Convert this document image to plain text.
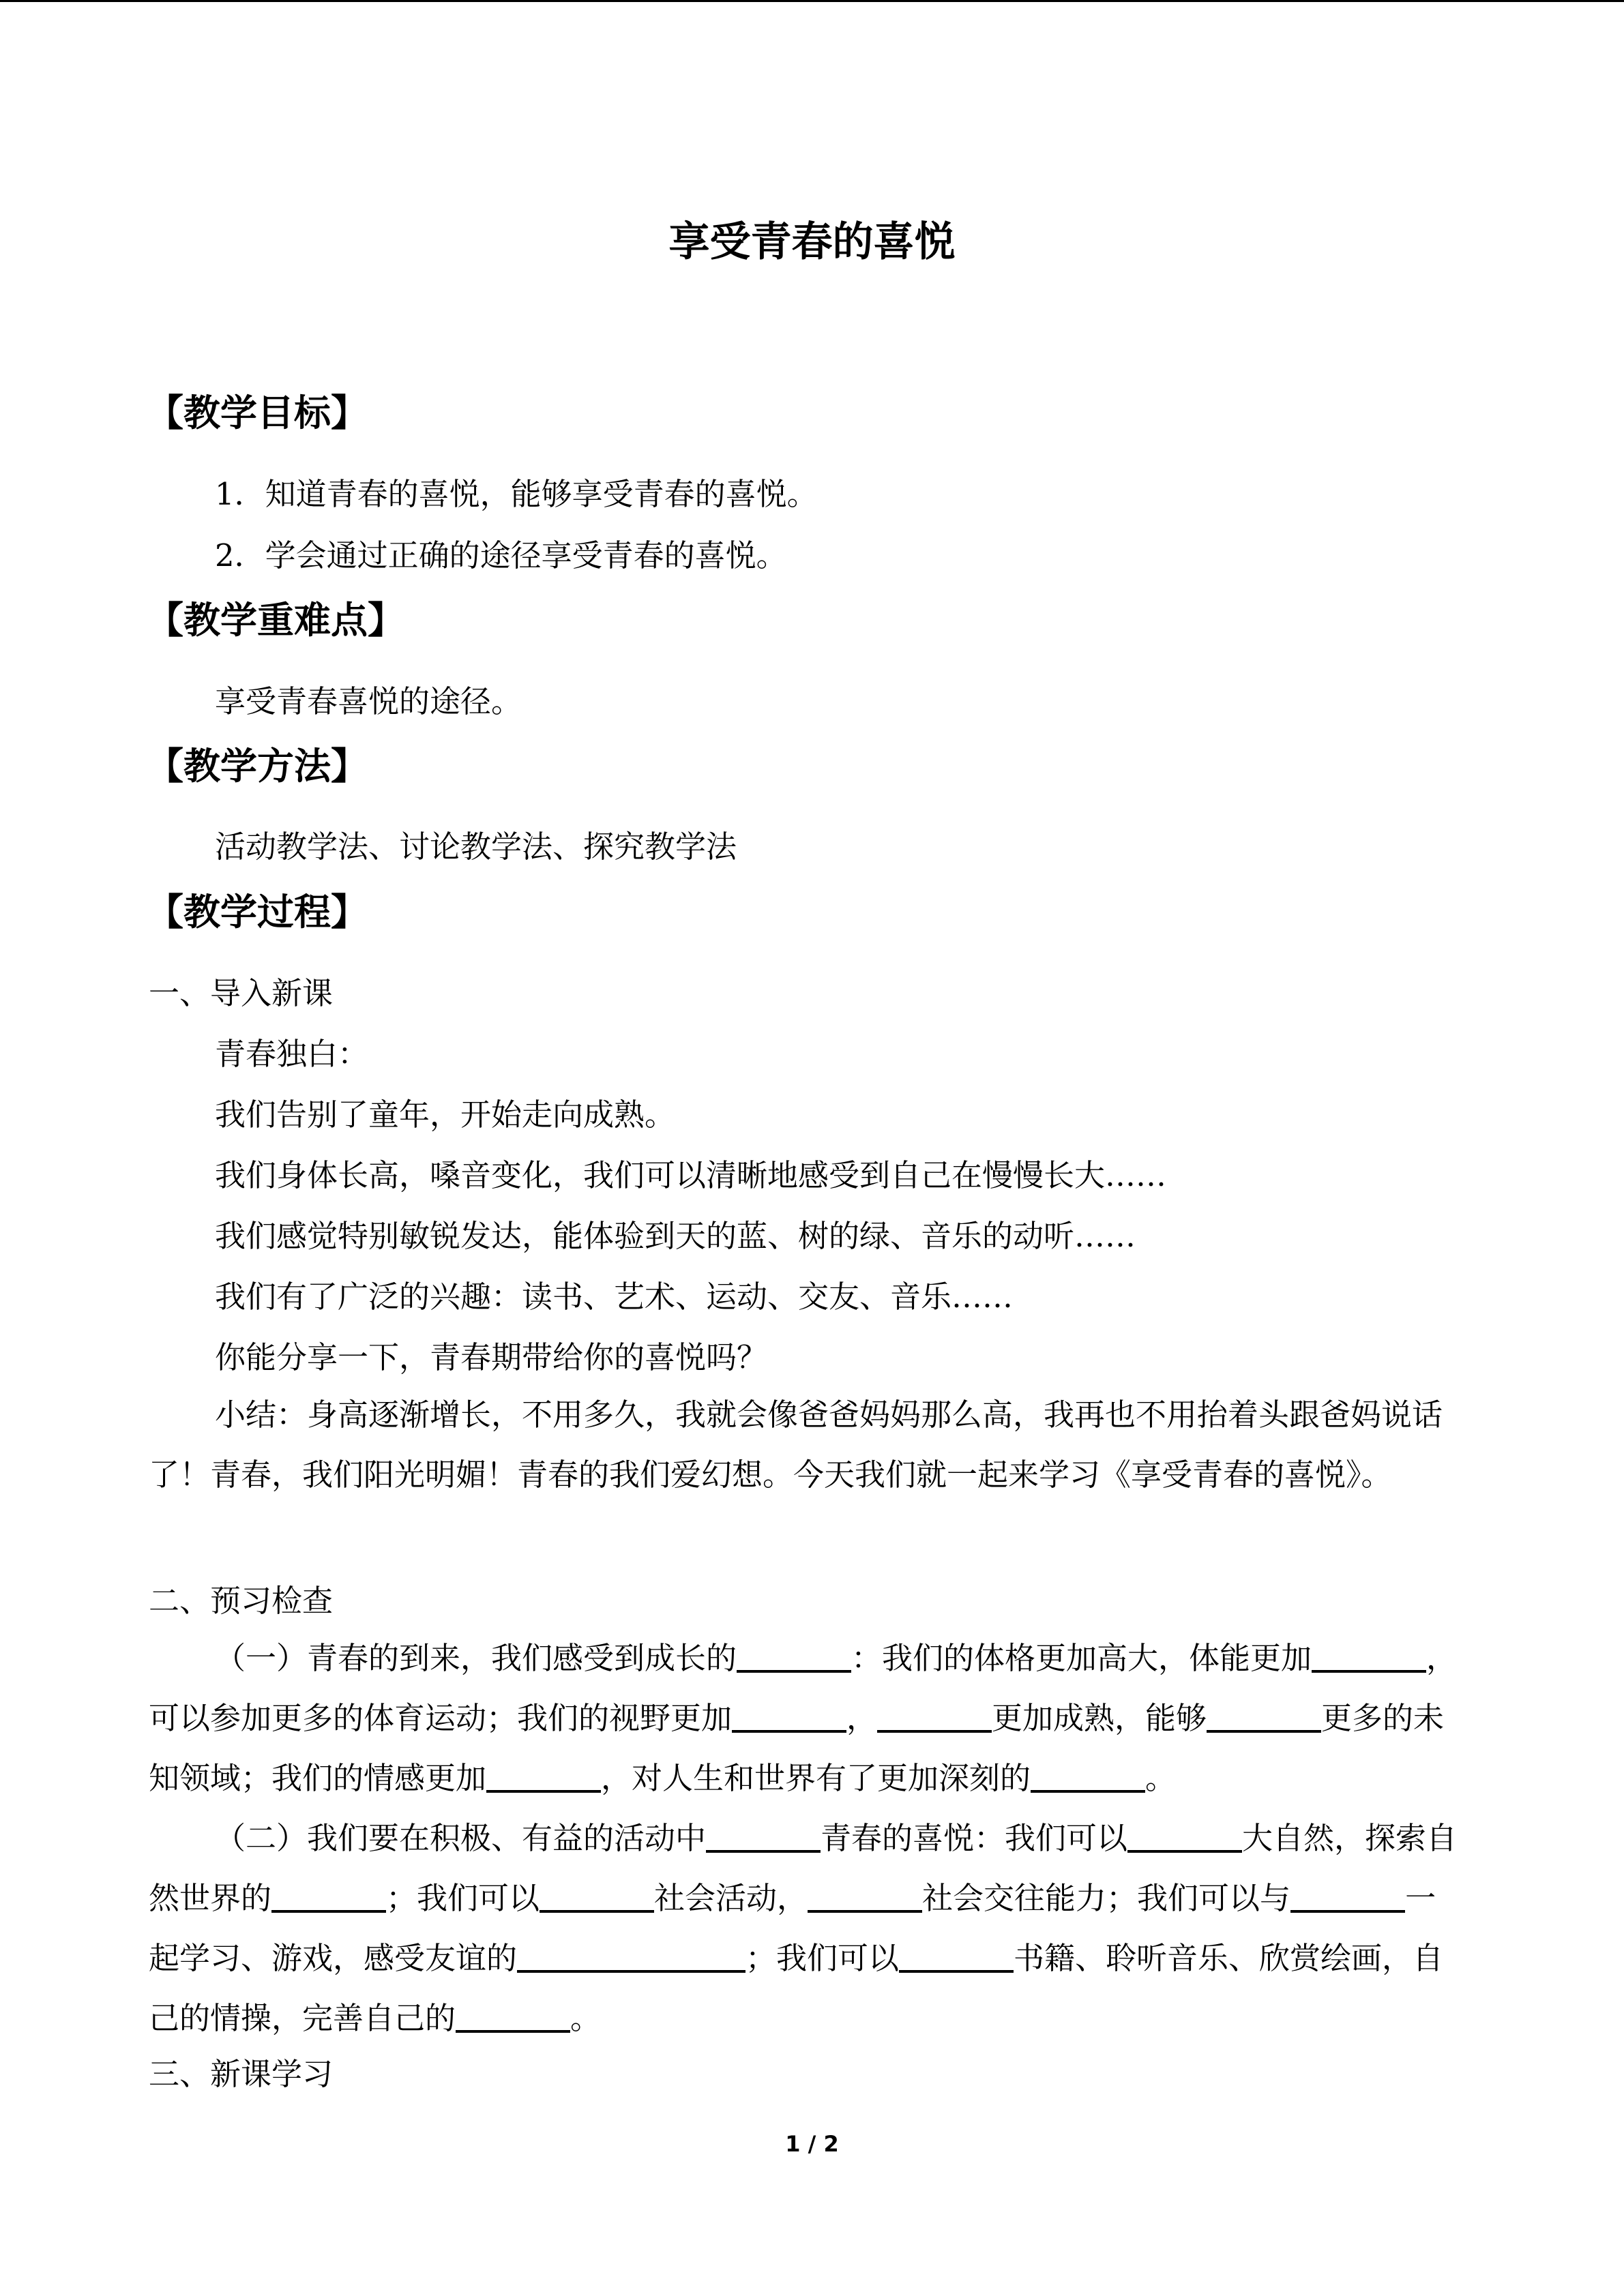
享受青春的喜悦
【教学目标】
1．知道青春的喜悦，能够享受青春的喜悦。
2．学会通过正确的途径享受青春的喜悦。
【教学重难点】
享受青春喜悦的途径。
【教学方法】
活动教学法、讨论教学法、探究教学法
【教学过程】
一、导入新课
青春独白：
我们告别了童年，开始走向成熟。
我们身体长高，嗓音变化，我们可以清晰地感受到自己在慢慢长大……
我们感觉特别敏锐发达，能体验到天的蓝、树的绿、音乐的动听……
我们有了广泛的兴趣：读书、艺术、运动、交友、音乐……
你能分享一下，青春期带给你的喜悦吗？
小结：身高逐渐增长，不用多久，我就会像爸爸妈妈那么高，我再也不用抬着头跟爸妈说话了！青春，我们阳光明媚！青春的我们爱幻想。今天我们就一起来学习《享受青春的喜悦》。
二、预习检查
（一）青春的到来，我们感受到成长的	：我们的体格更加高大，体能更加	，可以参加更多的体育运动；我们的视野更加	，	更加成熟，能够	更多的未知领域；我们的情感更加	，对人生和世界有了更加深刻的	。
（二）我们要在积极、有益的活动中	青春的喜悦：我们可以	大自然，探索自然世界的	；我们可以	社会活动，	社会交往能力；我们可以与	一起学习、游戏，感受友谊的	；我们可以	书籍、聆听音乐、欣赏绘画，自己的情操，完善自己的	。
三、新课学习
1 / 2
